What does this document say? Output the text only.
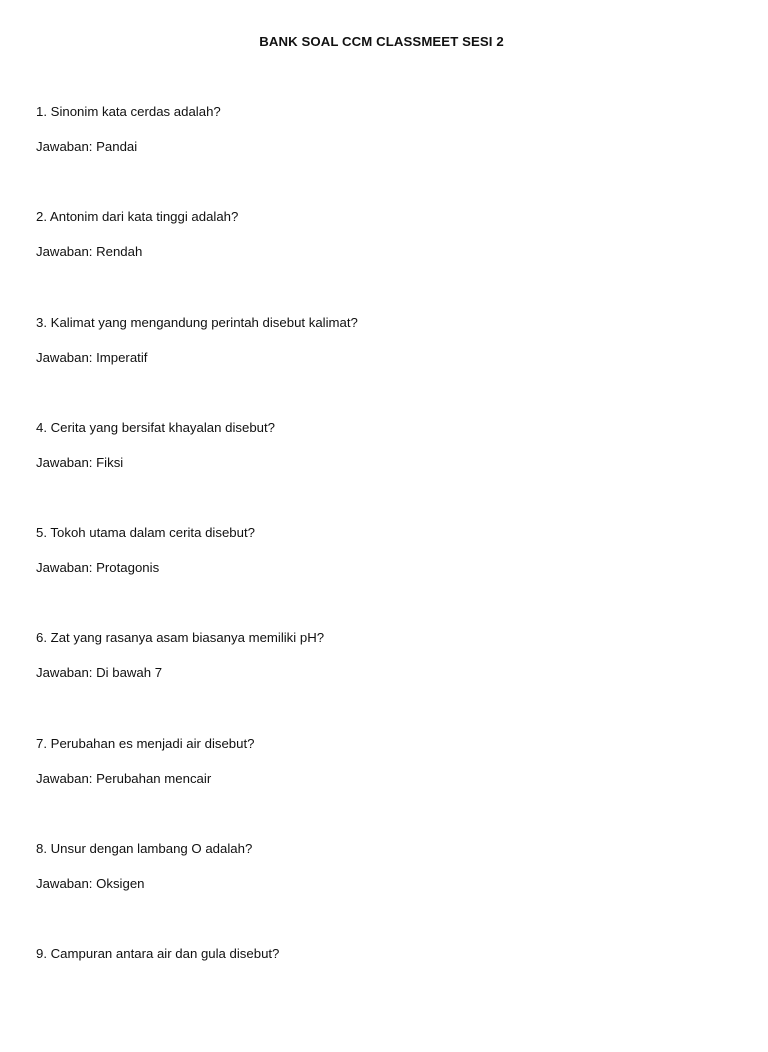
BANK SOAL CCM CLASSMEET SESI 2
1. Sinonim kata cerdas adalah?
Jawaban: Pandai
2. Antonim dari kata tinggi adalah?
Jawaban: Rendah
3. Kalimat yang mengandung perintah disebut kalimat?
Jawaban: Imperatif
4. Cerita yang bersifat khayalan disebut?
Jawaban: Fiksi
5. Tokoh utama dalam cerita disebut?
Jawaban: Protagonis
6. Zat yang rasanya asam biasanya memiliki pH?
Jawaban: Di bawah 7
7. Perubahan es menjadi air disebut?
Jawaban: Perubahan mencair
8. Unsur dengan lambang O adalah?
Jawaban: Oksigen
9. Campuran antara air dan gula disebut?
